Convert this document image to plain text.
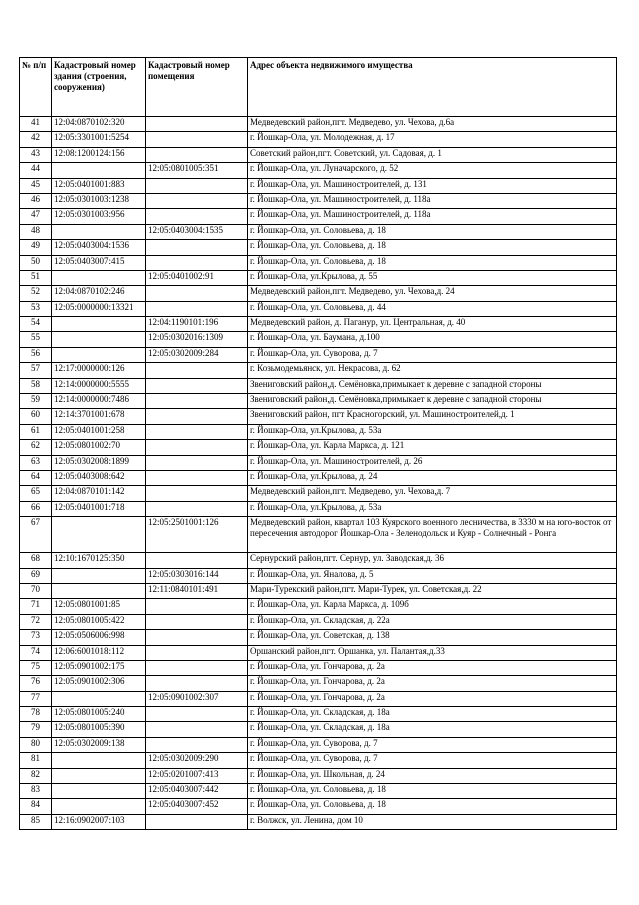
№ п/п	Кадастровый номер здания (строения, сооружения)	Кадастровый номер помещения	Адрес объекта недвижимого имущества
41	12:04:0870102:320		Медведевский район,пгт. Медведево, ул. Чехова, д.6а
42	12:05:3301001:5254		г. Йошкар-Ола, ул. Молодежная, д. 17
43	12:08:1200124:156		Советский район,пгт. Советский, ул. Садовая, д. 1
44		12:05:0801005:351	г. Йошкар-Ола, ул. Луначарского, д. 52
45	12:05:0401001:883		г. Йошкар-Ола, ул. Машиностроителей, д. 131
46	12:05:0301003:1238		г. Йошкар-Ола, ул. Машиностроителей, д. 118а
47	12:05:0301003:956		г. Йошкар-Ола, ул. Машиностроителей, д. 118а
48		12:05:0403004:1535	г. Йошкар-Ола, ул. Соловьева, д. 18
49	12:05:0403004:1536		г. Йошкар-Ола, ул. Соловьева, д. 18
50	12:05:0403007:415		г. Йошкар-Ола, ул. Соловьева, д. 18
51		12:05:0401002:91	г. Йошкар-Ола, ул.Крылова, д. 55
52	12:04:0870102:246		Медведевский район,пгт. Медведево, ул. Чехова,д. 24
53	12:05:0000000:13321		г. Йошкар-Ола, ул. Соловьева, д. 44
54		12:04:1190101:196	Медведевский район, д. Пагануp, ул. Центральная, д. 40
55		12:05:0302016:1309	г. Йошкар-Ола, ул. Баумана, д.100
56		12:05:0302009:284	г. Йошкар-Ола, ул. Суворова, д. 7
57	12:17:0000000:126		г. Козьмодемьянск, ул. Некрасова, д. 62
58	12:14:0000000:5555		Звениговский район,д. Семёновка,примыкает к деревне с западной стороны
59	12:14:0000000:7486		Звениговский район,д. Семёновка,примыкает к деревне с западной стороны
60	12:14:3701001:678		Звениговский район, пгт Красногорский, ул. Машиностроителей,д. 1
61	12:05:0401001:258		г. Йошкар-Ола, ул.Крылова, д. 53а
62	12:05:0801002:70		г. Йошкар-Ола, ул. Карла Маркса, д. 121
63	12:05:0302008:1899		г. Йошкар-Ола, ул. Машиностроителей, д. 26
64	12:05:0403008:642		г. Йошкар-Ола, ул.Крылова, д. 24
65	12:04:0870101:142		Медведевский район,пгт. Медведево, ул. Чехова,д. 7
66	12:05:0401001:718		г. Йошкар-Ола, ул.Крылова, д. 53а
67		12:05:2501001:126	Медведевский район, квартал 103 Куярского военного лесничества, в 3330 м на юго-восток от пересечения автодорог Йошкар-Ола - Зеленодольск и Куяр - Солнечный - Ронга
68	12:10:1670125:350		Сернурский район,пгт. Сернур, ул. Заводская,д. 36
69		12:05:0303016:144	г. Йошкар-Ола, ул. Яналова, д. 5
70		12:11:0840101:491	Мари-Турекский район,пгт. Мари-Турек, ул. Советская,д. 22
71	12:05:0801001:85		г. Йошкар-Ола, ул. Карла Маркса, д. 109б
72	12:05:0801005:422		г. Йошкар-Ола, ул. Складская, д. 22а
73	12:05:0506006:998		г. Йошкар-Ола, ул. Советская, д. 138
74	12:06:6001018:112		Оршанский район,пгт. Оршанка, ул. Палантая,д.33
75	12:05:0901002:175		г. Йошкар-Ола, ул. Гончарова, д. 2а
76	12:05:0901002:306		г. Йошкар-Ола, ул. Гончарова, д. 2а
77		12:05:0901002:307	г. Йошкар-Ола, ул. Гончарова, д. 2а
78	12:05:0801005:240		г. Йошкар-Ола, ул. Складская, д. 18а
79	12:05:0801005:390		г. Йошкар-Ола, ул. Складская, д. 18а
80	12:05:0302009:138		г. Йошкар-Ола, ул. Суворова, д. 7
81		12:05:0302009:290	г. Йошкар-Ола, ул. Суворова, д. 7
82		12:05:0201007:413	г. Йошкар-Ола, ул. Школьная, д. 24
83		12:05:0403007:442	г. Йошкар-Ола, ул. Соловьева, д. 18
84		12:05:0403007:452	г. Йошкар-Ола, ул. Соловьева, д. 18
85	12:16:0902007:103		г. Волжск, ул. Ленина, дом 10
